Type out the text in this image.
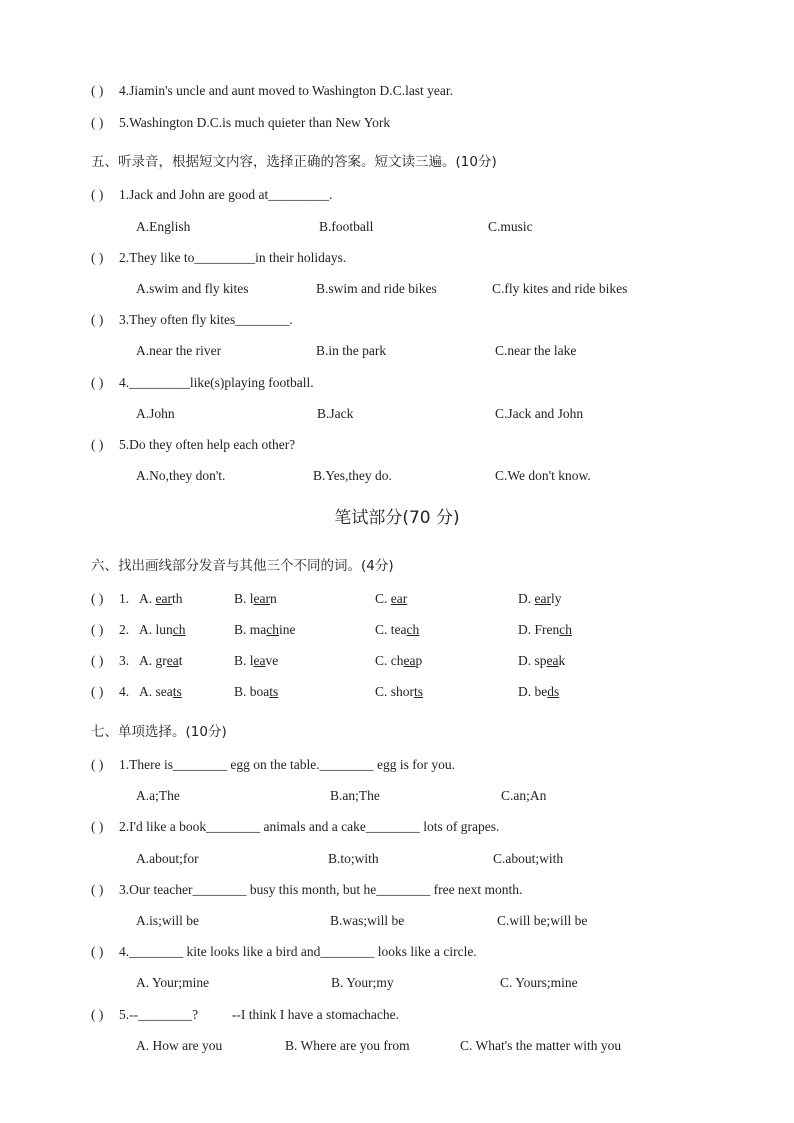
( ) 4.Jiamin's uncle and aunt moved to Washington D.C.last year.
( ) 5.Washington D.C.is much quieter than New York
五、听录音，根据短文内容，选择正确的答案。短文读三遍。(10分)
( ) 1.Jack and John are good at_________.
A.English	B.football	C.music
( ) 2.They like to_________in their holidays.
A.swim and fly kites	B.swim and ride bikes	C.fly kites and ride bikes
( ) 3.They often fly kites________.
A.near the river	B.in the park	C.near the lake
( ) 4._________like(s)playing football.
A.John	B.Jack	C.Jack and John
( ) 5.Do they often help each other?
A.No,they don't.	B.Yes,they do.	C.We don't know.
笔试部分(70 分)
六、找出画线部分发音与其他三个不同的词。(4分)
( ) 1. A. earth	B. learn	C. ear	D. early
( ) 2. A. lunch	B. machine	C. teach	D. French
( ) 3. A. great	B. leave	C. cheap	D. speak
( ) 4. A. seats	B. boats	C. shorts	D. beds
七、单项选择。(10分)
( ) 1.There is________ egg on the table.________ egg is for you.
A.a;The	B.an;The	C.an;An
( ) 2.I'd like a book________ animals and a cake________ lots of grapes.
A.about;for	B.to;with	C.about;with
( ) 3.Our teacher________ busy this month, but he________ free next month.
A.is;will be	B.was;will be	C.will be;will be
( ) 4.________ kite looks like a bird and________ looks like a circle.
A. Your;mine	B. Your;my	C. Yours;mine
( ) 5.--________?          --I think I have a stomachache.
A. How are you	B. Where are you from	C. What's the matter with you
